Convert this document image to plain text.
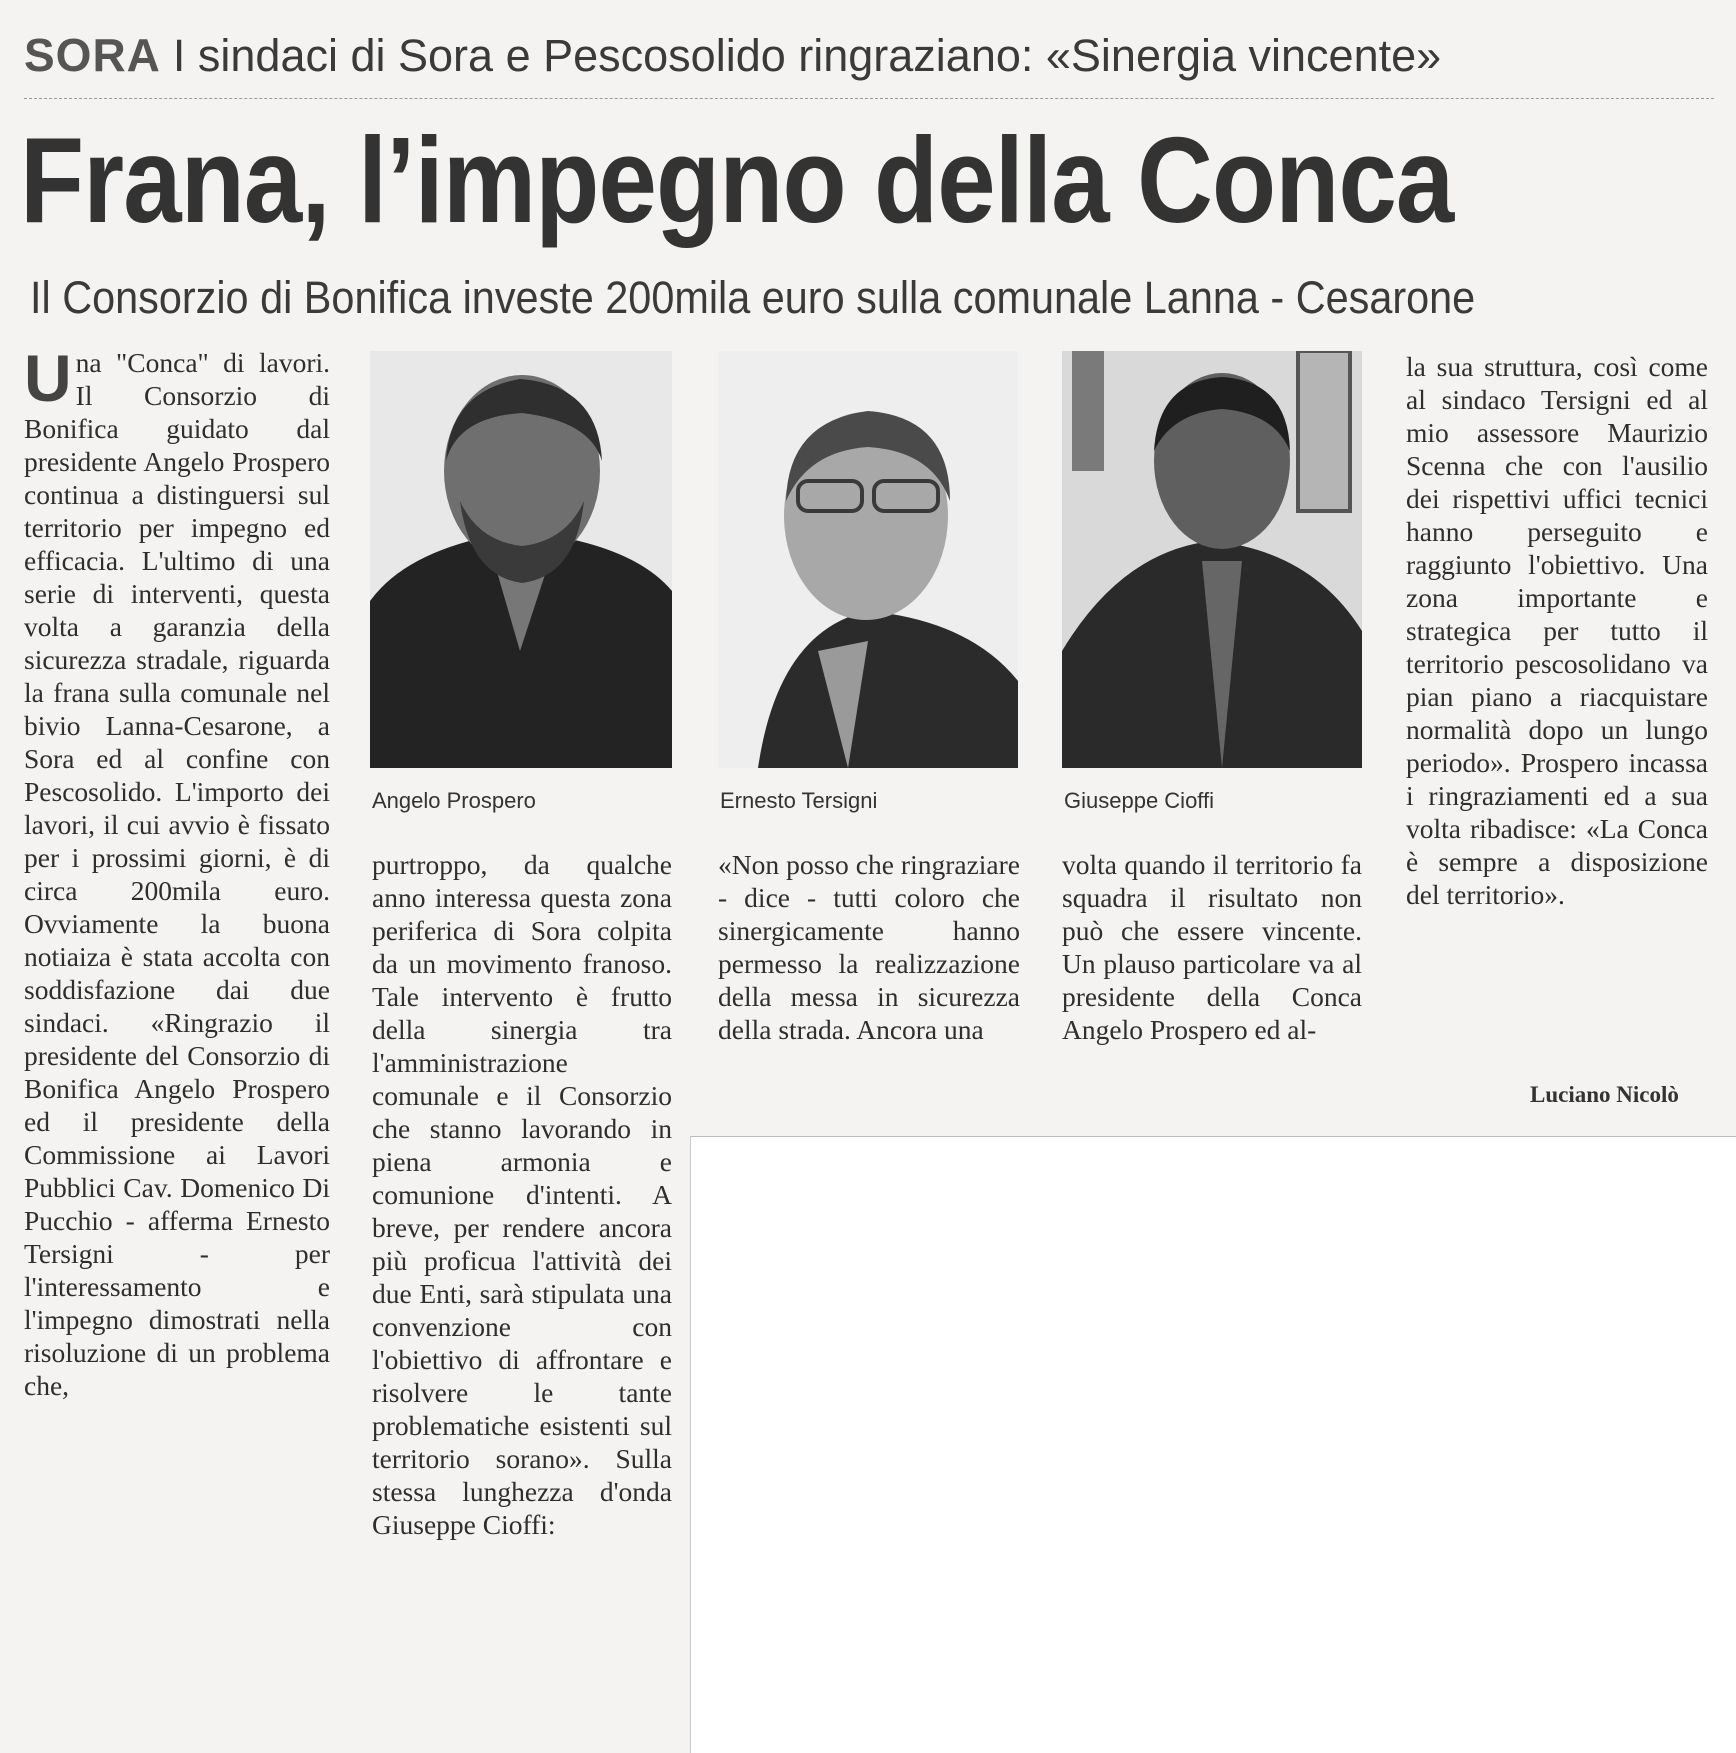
SORA I sindaci di Sora e Pescosolido ringraziano: «Sinergia vincente»
Frana, l’impegno della Conca
Il Consorzio di Bonifica investe 200mila euro sulla comunale Lanna - Cesarone
U na "Conca" di lavori. Il Consorzio di Bonifica guidato dal presidente Angelo Prospero continua a distinguersi sul territorio per impegno ed efficacia. L'ultimo di una serie di interventi, questa volta a garanzia della sicurezza stradale, riguarda la frana sulla comunale nel bivio Lanna-Cesarone, a Sora ed al confine con Pescosolido. L'importo dei lavori, il cui avvio è fissato per i prossimi giorni, è di circa 200mila euro. Ovviamente la buona notiaiza è stata accolta con soddisfazione dai due sindaci. «Ringrazio il presidente del Consorzio di Bonifica Angelo Prospero ed il presidente della Commissione ai Lavori Pubblici Cav. Domenico Di Pucchio - afferma Ernesto Tersigni - per l'interessamento e l'impegno dimostrati nella risoluzione di un problema che,

Angelo Prospero	Ernesto Tersigni	Giuseppe Cioffi

purtroppo, da qualche anno interessa questa zona periferica di Sora colpita da un movimento franoso. Tale intervento è frutto della sinergia tra l'amministrazione comunale e il Consorzio che stanno lavorando in piena armonia e comunione d'intenti. A breve, per rendere ancora più proficua l'attività dei due Enti, sarà stipulata una convenzione con l'obiettivo di affrontare e risolvere le tante problematiche esistenti sul territorio sorano». Sulla stessa lunghezza d'onda Giuseppe Cioffi:

«Non posso che ringraziare - dice - tutti coloro che sinergicamente hanno permesso la realizzazione della messa in sicurezza della strada. Ancora una

volta quando il territorio fa squadra il risultato non può che essere vincente. Un plauso particolare va al presidente della Conca Angelo Prospero ed al-

la sua struttura, così come al sindaco Tersigni ed al mio assessore Maurizio Scenna che con l'ausilio dei rispettivi uffici tecnici hanno perseguito e raggiunto l'obiettivo. Una zona importante e strategica per tutto il territorio pescosolidano va pian piano a riacquistare normalità dopo un lungo periodo». Prospero incassa i ringraziamenti ed a sua volta ribadisce: «La Conca è sempre a disposizione del territorio».

Luciano Nicolò
